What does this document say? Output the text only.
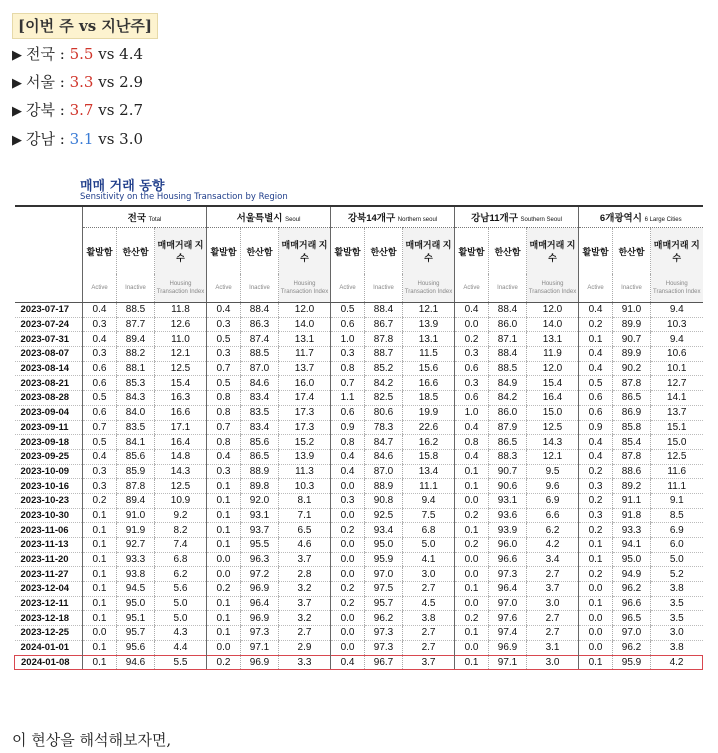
[이번 주 vs 지난주]
▶ 전국 : 5.5 vs 4.4
▶ 서울 : 3.3 vs 2.9
▶ 강북 : 3.7 vs 2.7
▶ 강남 : 3.1 vs 3.0
매매 거래 동향
Sensitivity on the Housing Transaction by Region
	전국 Total			서울특별시 Seoul			강북14개구 Northern seoul			강남11개구 Southern Seoul			6개광역시 6 Large Cities		
	활발함	한산함	매매거래 지수	활발함	한산함	매매거래 지수	활발함	한산함	매매거래 지수	활발함	한산함	매매거래 지수	활발함	한산함	매매거래 지수
	Active	Inactive	Housing Transaction Index	Active	Inactive	Housing Transaction Index	Active	Inactive	Housing Transaction Index	Active	Inactive	Housing Transaction Index	Active	Inactive	Housing Transaction Index
2023-07-17	0.4	88.5	11.8	0.4	88.4	12.0	0.5	88.4	12.1	0.4	88.4	12.0	0.4	91.0	9.4
2023-07-24	0.3	87.7	12.6	0.3	86.3	14.0	0.6	86.7	13.9	0.0	86.0	14.0	0.2	89.9	10.3
2023-07-31	0.4	89.4	11.0	0.5	87.4	13.1	1.0	87.8	13.1	0.2	87.1	13.1	0.1	90.7	9.4
2023-08-07	0.3	88.2	12.1	0.3	88.5	11.7	0.3	88.7	11.5	0.3	88.4	11.9	0.4	89.9	10.6
2023-08-14	0.6	88.1	12.5	0.7	87.0	13.7	0.8	85.2	15.6	0.6	88.5	12.0	0.4	90.2	10.1
2023-08-21	0.6	85.3	15.4	0.5	84.6	16.0	0.7	84.2	16.6	0.3	84.9	15.4	0.5	87.8	12.7
2023-08-28	0.5	84.3	16.3	0.8	83.4	17.4	1.1	82.5	18.5	0.6	84.2	16.4	0.6	86.5	14.1
2023-09-04	0.6	84.0	16.6	0.8	83.5	17.3	0.6	80.6	19.9	1.0	86.0	15.0	0.6	86.9	13.7
2023-09-11	0.7	83.5	17.1	0.7	83.4	17.3	0.9	78.3	22.6	0.4	87.9	12.5	0.9	85.8	15.1
2023-09-18	0.5	84.1	16.4	0.8	85.6	15.2	0.8	84.7	16.2	0.8	86.5	14.3	0.4	85.4	15.0
2023-09-25	0.4	85.6	14.8	0.4	86.5	13.9	0.4	84.6	15.8	0.4	88.3	12.1	0.4	87.8	12.5
2023-10-09	0.3	85.9	14.3	0.3	88.9	11.3	0.4	87.0	13.4	0.1	90.7	9.5	0.2	88.6	11.6
2023-10-16	0.3	87.8	12.5	0.1	89.8	10.3	0.0	88.9	11.1	0.1	90.6	9.6	0.3	89.2	11.1
2023-10-23	0.2	89.4	10.9	0.1	92.0	8.1	0.3	90.8	9.4	0.0	93.1	6.9	0.2	91.1	9.1
2023-10-30	0.1	91.0	9.2	0.1	93.1	7.1	0.0	92.5	7.5	0.2	93.6	6.6	0.3	91.8	8.5
2023-11-06	0.1	91.9	8.2	0.1	93.7	6.5	0.2	93.4	6.8	0.1	93.9	6.2	0.2	93.3	6.9
2023-11-13	0.1	92.7	7.4	0.1	95.5	4.6	0.0	95.0	5.0	0.2	96.0	4.2	0.1	94.1	6.0
2023-11-20	0.1	93.3	6.8	0.0	96.3	3.7	0.0	95.9	4.1	0.0	96.6	3.4	0.1	95.0	5.0
2023-11-27	0.1	93.8	6.2	0.0	97.2	2.8	0.0	97.0	3.0	0.0	97.3	2.7	0.2	94.9	5.2
2023-12-04	0.1	94.5	5.6	0.2	96.9	3.2	0.2	97.5	2.7	0.1	96.4	3.7	0.0	96.2	3.8
2023-12-11	0.1	95.0	5.0	0.1	96.4	3.7	0.2	95.7	4.5	0.0	97.0	3.0	0.1	96.6	3.5
2023-12-18	0.1	95.1	5.0	0.1	96.9	3.2	0.0	96.2	3.8	0.2	97.6	2.7	0.0	96.5	3.5
2023-12-25	0.0	95.7	4.3	0.1	97.3	2.7	0.0	97.3	2.7	0.1	97.4	2.7	0.0	97.0	3.0
2024-01-01	0.1	95.6	4.4	0.0	97.1	2.9	0.0	97.3	2.7	0.0	96.9	3.1	0.0	96.2	3.8
2024-01-08	0.1	94.6	5.5	0.2	96.9	3.3	0.4	96.7	3.7	0.1	97.1	3.0	0.1	95.9	4.2
이 현상을 해석해보자면,
